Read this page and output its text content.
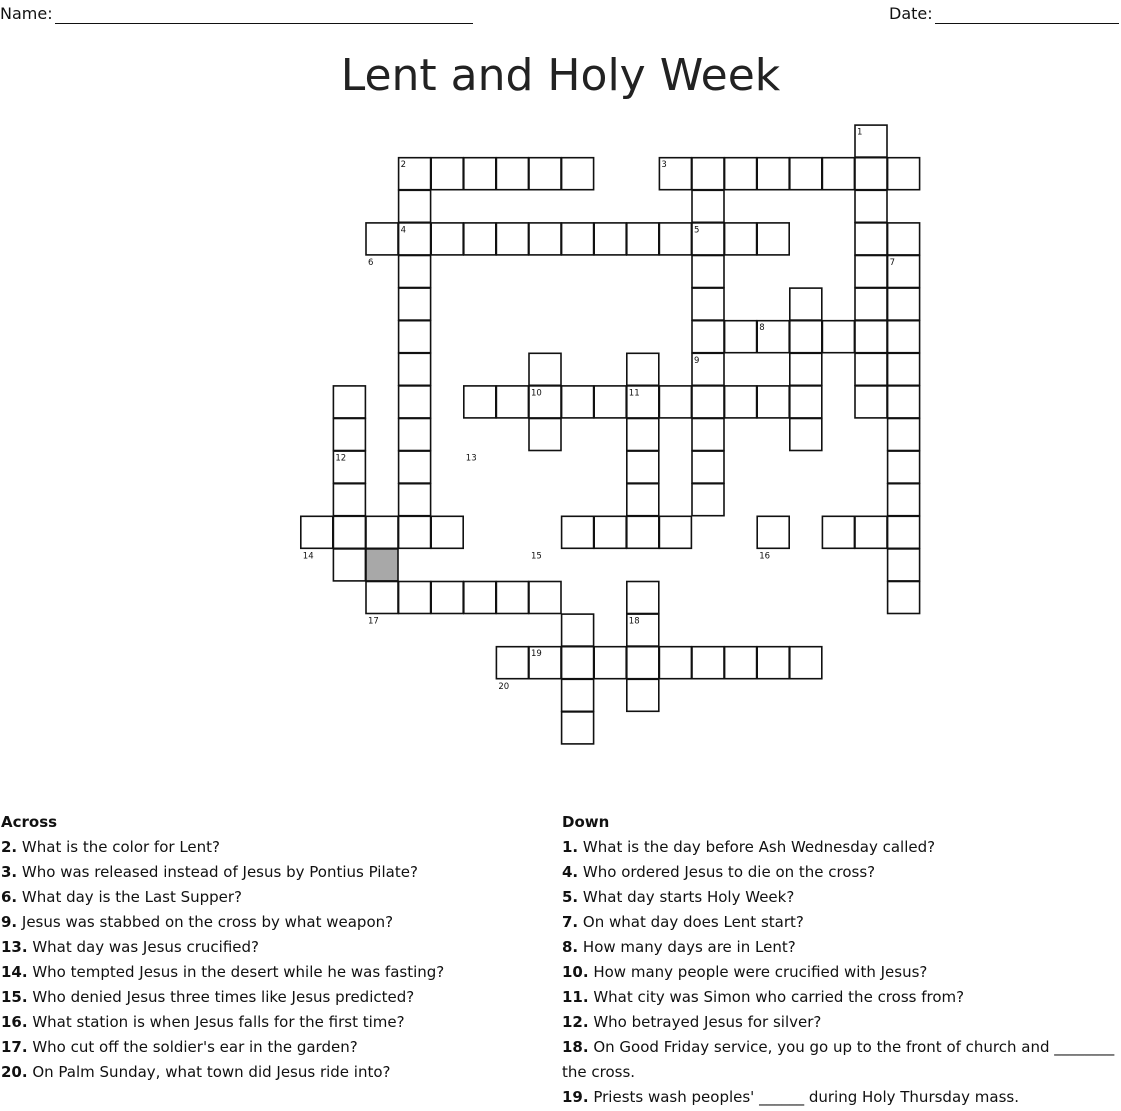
Name:	Date:
Lent and Holy Week
1
2	3
4	5
6	7
8
9
10	11
12	13
14	15	16
17	18
19
20
Across
2. What is the color for Lent?
3. Who was released instead of Jesus by Pontius Pilate?
6. What day is the Last Supper?
9. Jesus was stabbed on the cross by what weapon?
13. What day was Jesus crucified?
14. Who tempted Jesus in the desert while he was fasting?
15. Who denied Jesus three times like Jesus predicted?
16. What station is when Jesus falls for the first time?
17. Who cut off the soldier's ear in the garden?
20. On Palm Sunday, what town did Jesus ride into?
Down
1. What is the day before Ash Wednesday called?
4. Who ordered Jesus to die on the cross?
5. What day starts Holy Week?
7. On what day does Lent start?
8. How many days are in Lent?
10. How many people were crucified with Jesus?
11. What city was Simon who carried the cross from?
12. Who betrayed Jesus for silver?
18. On Good Friday service, you go up to the front of church and ________ the cross.
19. Priests wash peoples' ______ during Holy Thursday mass.
